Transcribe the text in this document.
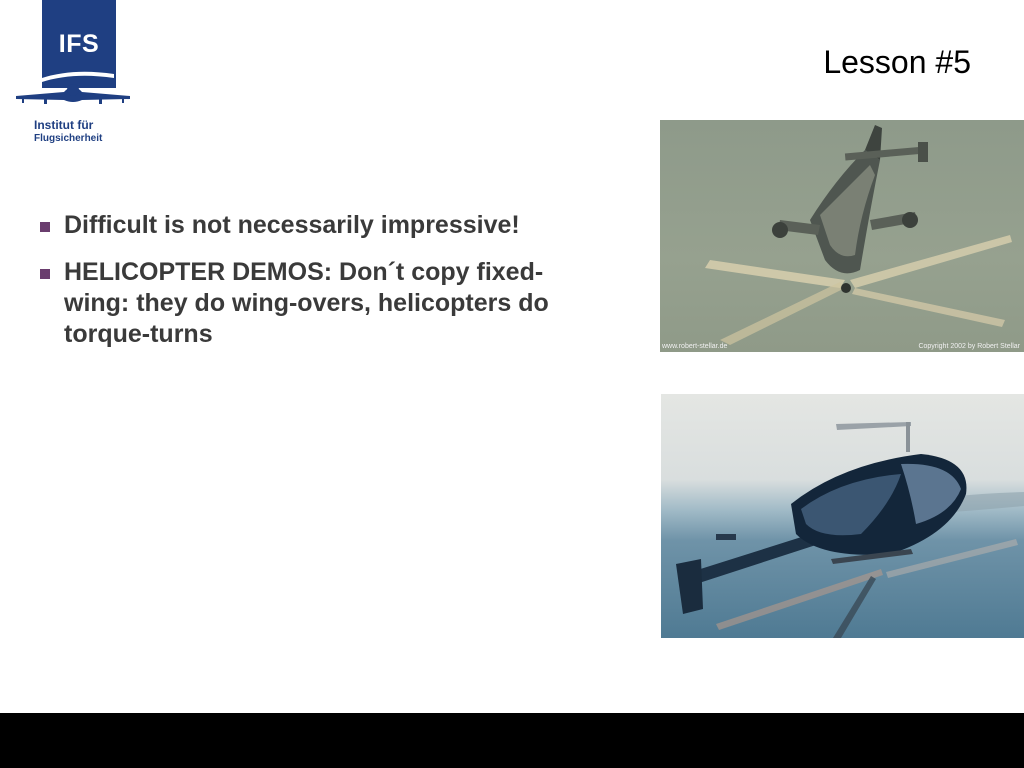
IFS
Institut für
Flugsicherheit
Lesson #5
Difficult is not necessarily impressive!
HELICOPTER DEMOS: Don´t copy fixed-wing: they do wing-overs, helicopters do torque-turns	www.robert-stellar.de	Copyright 2002 by Robert Stellar
